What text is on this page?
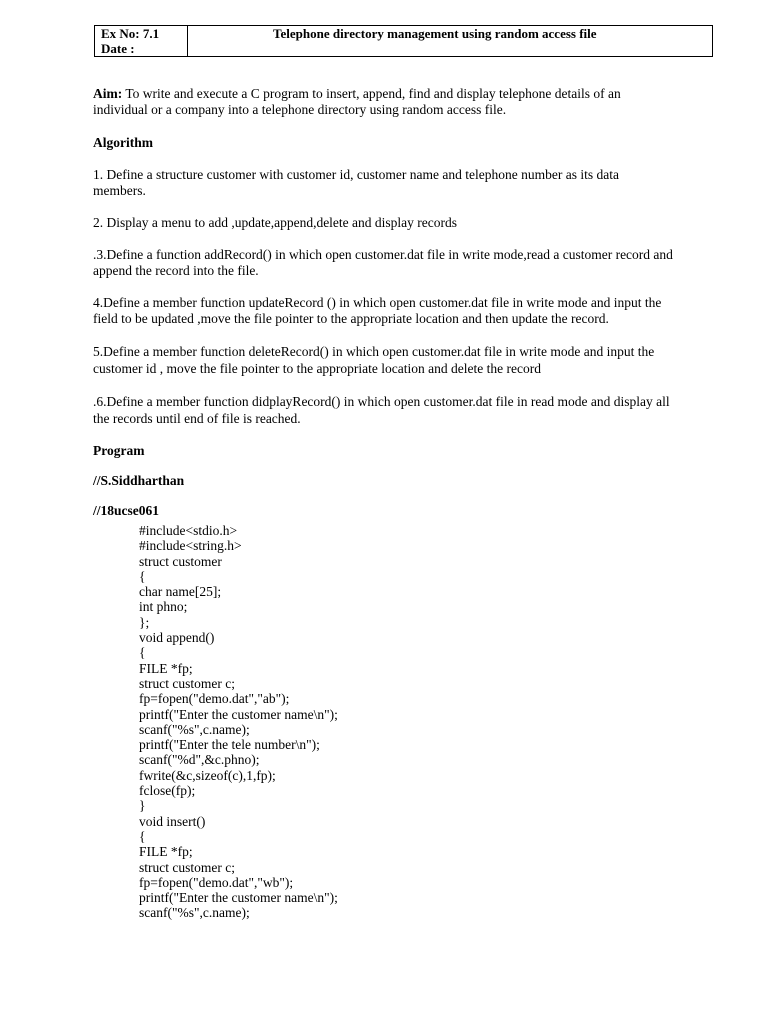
Ex No: 7.1
Date :
Telephone directory management using random access file

Aim: To write and execute a C program to insert, append, find and display telephone details of an individual or a company into a telephone directory using random access file.

Algorithm

1. Define a structure customer with customer id, customer name and telephone number as its data members.

2. Display a menu to add ,update,append,delete and display records

.3.Define a function addRecord() in which open customer.dat file in write mode,read a customer record and append the record into the file.

4.Define a member function updateRecord () in which open customer.dat file in write mode and input the field to be updated ,move the file pointer to the appropriate location and then update the record.

5.Define a member function deleteRecord() in which open customer.dat file in write mode and input the customer id , move the file pointer to the appropriate location and delete the record

.6.Define a member function didplayRecord() in which open customer.dat file in read mode and display all the records until end of file is reached.

Program

//S.Siddharthan

//18ucse061

#include<stdio.h>
#include<string.h>
struct customer
{
char name[25];
int phno;
};
void append()
{
FILE *fp;
struct customer c;
fp=fopen("demo.dat","ab");
printf("Enter the customer name\n");
scanf("%s",c.name);
printf("Enter the tele number\n");
scanf("%d",&c.phno);
fwrite(&c,sizeof(c),1,fp);
fclose(fp);
}
void insert()
{
FILE *fp;
struct customer c;
fp=fopen("demo.dat","wb");
printf("Enter the customer name\n");
scanf("%s",c.name);
